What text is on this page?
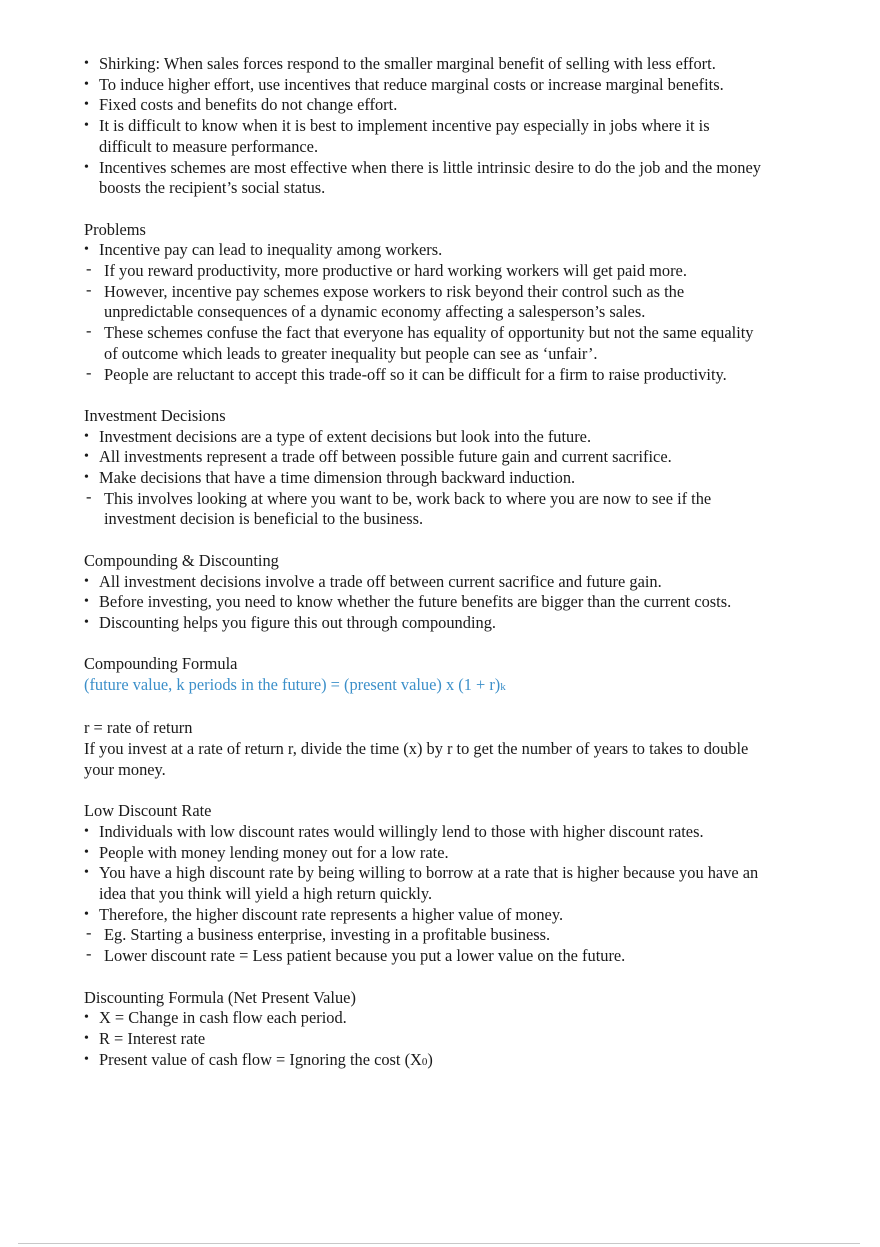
• Shirking: When sales forces respond to the smaller marginal benefit of selling with less effort.
• To induce higher effort, use incentives that reduce marginal costs or increase marginal benefits.
• Fixed costs and benefits do not change effort.
• It is difficult to know when it is best to implement incentive pay especially in jobs where it is difficult to measure performance.
• Incentives schemes are most effective when there is little intrinsic desire to do the job and the money boosts the recipient’s social status.
Problems
• Incentive pay can lead to inequality among workers.
- If you reward productivity, more productive or hard working workers will get paid more.
- However, incentive pay schemes expose workers to risk beyond their control such as the unpredictable consequences of a dynamic economy affecting a salesperson’s sales.
- These schemes confuse the fact that everyone has equality of opportunity but not the same equality of outcome which leads to greater inequality but people can see as ‘unfair’.
- People are reluctant to accept this trade-off so it can be difficult for a firm to raise productivity.
Investment Decisions
• Investment decisions are a type of extent decisions but look into the future.
• All investments represent a trade off between possible future gain and current sacrifice.
• Make decisions that have a time dimension through backward induction.
- This involves looking at where you want to be, work back to where you are now to see if the investment decision is beneficial to the business.
Compounding & Discounting
• All investment decisions involve a trade off between current sacrifice and future gain.
• Before investing, you need to know whether the future benefits are bigger than the current costs.
• Discounting helps you figure this out through compounding.
Compounding Formula
(future value, k periods in the future) = (present value) x (1 + r)k
r = rate of return
If you invest at a rate of return r, divide the time (x) by r to get the number of years to takes to double your money.
Low Discount Rate
• Individuals with low discount rates would willingly lend to those with higher discount rates.
• People with money lending money out for a low rate.
• You have a high discount rate by being willing to borrow at a rate that is higher because you have an idea that you think will yield a high return quickly.
• Therefore, the higher discount rate represents a higher value of money.
- Eg. Starting a business enterprise, investing in a profitable business.
- Lower discount rate = Less patient because you put a lower value on the future.
Discounting Formula (Net Present Value)
• X = Change in cash flow each period.
• R = Interest rate
• Present value of cash flow = Ignoring the cost (X0)
